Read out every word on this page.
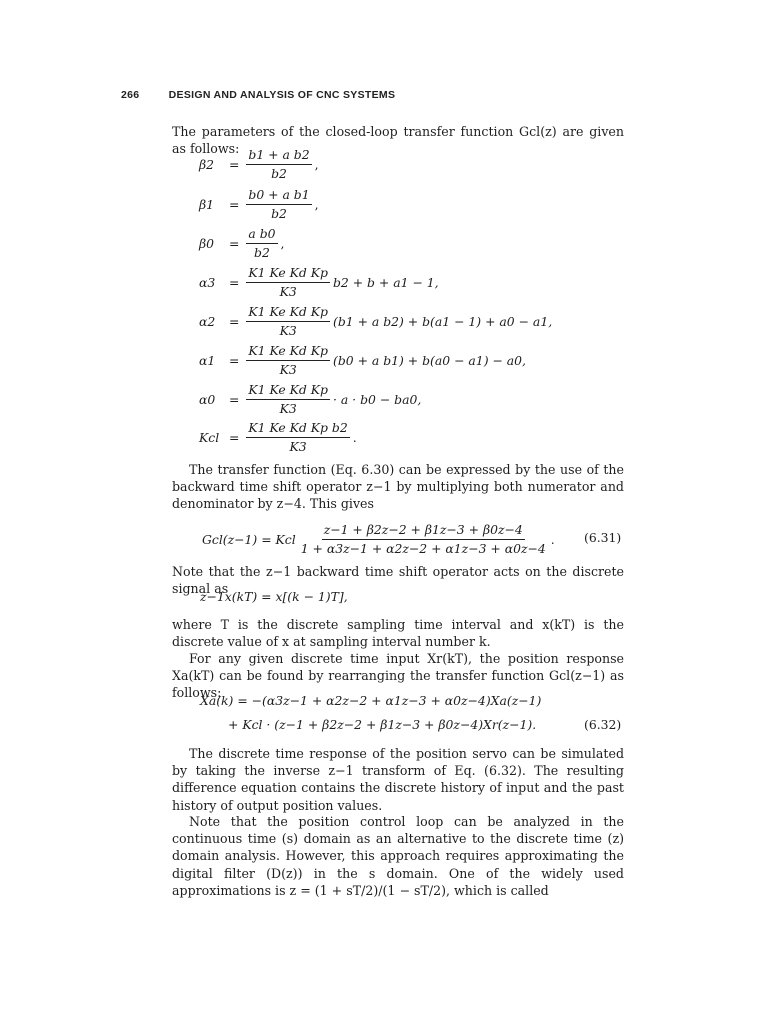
266	DESIGN AND ANALYSIS OF CNC SYSTEMS
The parameters of the closed-loop transfer function Gcl(z) are given as follows:
β2	= $\frac{\text{b1 + a b2}}{b2}$ ,
β1	= $\frac{\text{b0 + a b1}}{b2}$ ,
β0	= $\frac{\text{a b0}}{b2}$ ,
α3	= $\frac{\text{K1 Ke Kd Kp}}{K3} b2 + b + a1 - 1$,
α2	= $\frac{\text{K1 Ke Kd Kp}}{K3} (b1 + a$ b2) + b(a1 − 1) + a0 − a1,
α1	= $\frac{\text{K1 Ke Kd Kp}}{K3} (b0 + a$ b1) + b(a0 − a1) − a0,
α0	= $\frac{\text{K1 Ke Kd Kp}}{K3} \cdot a \cdot b0 - ba0$,
Kcl = $\frac{\text{K1 Ke Kd Kp b2}}{K3}$ .
The transfer function (Eq. 6.30) can be expressed by the use of the backward time shift operator z−1 by multiplying both numerator and denominator by z−4. This gives
Gcl(z−1) = Kcl $\frac{z-1 + \beta 2z-2 + \beta 1z-3 + \beta 0z-4}{1 + \alpha 3z-1 + \alpha 2z-2 + \alpha 1z-3 + \alpha 0z-4}$ . (6.31)
Note that the z−1 backward time shift operator acts on the discrete signal as
z−1x(kT) = x[(k − 1)T],
where T is the discrete sampling time interval and x(kT) is the discrete value of x at sampling interval number k.
For any given discrete time input Xr(kT), the position response Xa(kT) can be found by rearranging the transfer function Gcl(z−1) as follows:
Xa(k) = −(α3z−1 + α2z−2 + α1z−3 + α0z−4)Xa(z−1)
+ Kcl · (z−1 + β2z−2 + β1z−3 + β0z−4)Xr(z−1).	(6.32)
The discrete time response of the position servo can be simulated by taking the inverse z−1 transform of Eq. (6.32). The resulting difference equation contains the discrete history of input and the past history of output position values.
Note that the position control loop can be analyzed in the continuous time (s) domain as an alternative to the discrete time (z) domain analysis. However, this approach requires approximating the digital filter (D(z)) in the s domain. One of the widely used approximations is z = (1 + sT/2)/(1 − sT/2), which is called
